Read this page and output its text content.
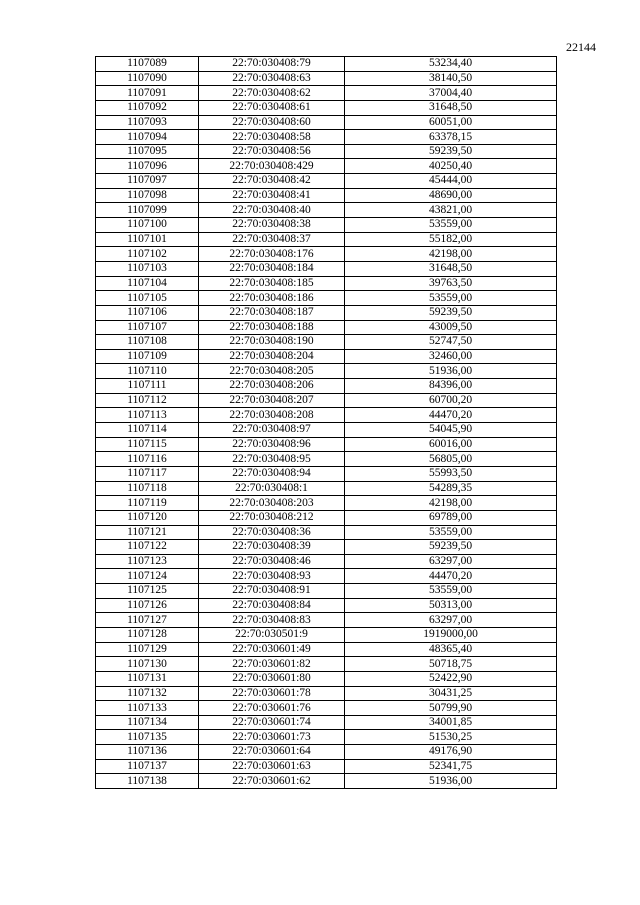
22144
1107089	22:70:030408:79	53234,40
1107090	22:70:030408:63	38140,50
1107091	22:70:030408:62	37004,40
1107092	22:70:030408:61	31648,50
1107093	22:70:030408:60	60051,00
1107094	22:70:030408:58	63378,15
1107095	22:70:030408:56	59239,50
1107096	22:70:030408:429	40250,40
1107097	22:70:030408:42	45444,00
1107098	22:70:030408:41	48690,00
1107099	22:70:030408:40	43821,00
1107100	22:70:030408:38	53559,00
1107101	22:70:030408:37	55182,00
1107102	22:70:030408:176	42198,00
1107103	22:70:030408:184	31648,50
1107104	22:70:030408:185	39763,50
1107105	22:70:030408:186	53559,00
1107106	22:70:030408:187	59239,50
1107107	22:70:030408:188	43009,50
1107108	22:70:030408:190	52747,50
1107109	22:70:030408:204	32460,00
1107110	22:70:030408:205	51936,00
1107111	22:70:030408:206	84396,00
1107112	22:70:030408:207	60700,20
1107113	22:70:030408:208	44470,20
1107114	22:70:030408:97	54045,90
1107115	22:70:030408:96	60016,00
1107116	22:70:030408:95	56805,00
1107117	22:70:030408:94	55993,50
1107118	22:70:030408:1	54289,35
1107119	22:70:030408:203	42198,00
1107120	22:70:030408:212	69789,00
1107121	22:70:030408:36	53559,00
1107122	22:70:030408:39	59239,50
1107123	22:70:030408:46	63297,00
1107124	22:70:030408:93	44470,20
1107125	22:70:030408:91	53559,00
1107126	22:70:030408:84	50313,00
1107127	22:70:030408:83	63297,00
1107128	22:70:030501:9	1919000,00
1107129	22:70:030601:49	48365,40
1107130	22:70:030601:82	50718,75
1107131	22:70:030601:80	52422,90
1107132	22:70:030601:78	30431,25
1107133	22:70:030601:76	50799,90
1107134	22:70:030601:74	34001,85
1107135	22:70:030601:73	51530,25
1107136	22:70:030601:64	49176,90
1107137	22:70:030601:63	52341,75
1107138	22:70:030601:62	51936,00
